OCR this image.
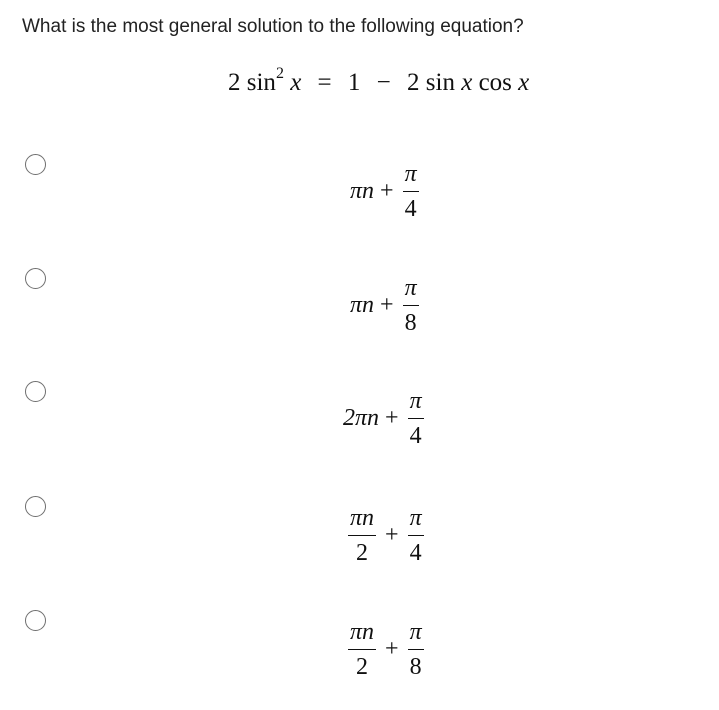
What is the most general solution to the following equation?
2 $\sin^2 x = 1 - 2$ sin x cos x
$\pi n + \frac{\pi}{4}$
$\pi n + \frac{\pi}{8}$
$2\pi n + \frac{\pi}{4}$
$\frac{\pi n}{2} + \frac{\pi}{4}$
$\frac{\pi n}{2} + \frac{\pi}{8}$
